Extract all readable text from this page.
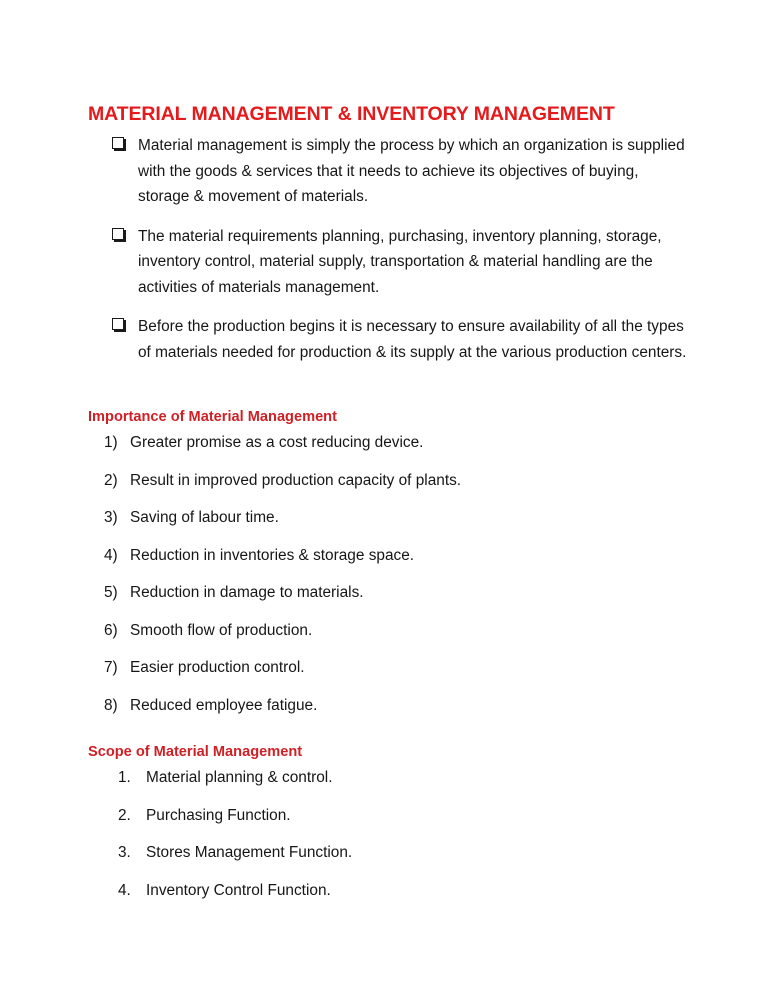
MATERIAL MANAGEMENT & INVENTORY MANAGEMENT
Material management is simply the process by which an organization is supplied with the goods & services that it needs to achieve its objectives of buying, storage & movement of materials.
The material requirements planning, purchasing, inventory planning, storage, inventory control, material supply, transportation & material handling are the activities of materials management.
Before the production begins it is necessary to ensure availability of all the types of materials needed for production & its supply at the various production centers.
Importance of Material Management
1) Greater promise as a cost reducing device.
2) Result in improved production capacity of plants.
3) Saving of labour time.
4) Reduction in inventories & storage space.
5) Reduction in damage to materials.
6) Smooth flow of production.
7) Easier production control.
8) Reduced employee fatigue.
Scope of Material Management
1. Material planning & control.
2. Purchasing Function.
3. Stores Management Function.
4. Inventory Control Function.
